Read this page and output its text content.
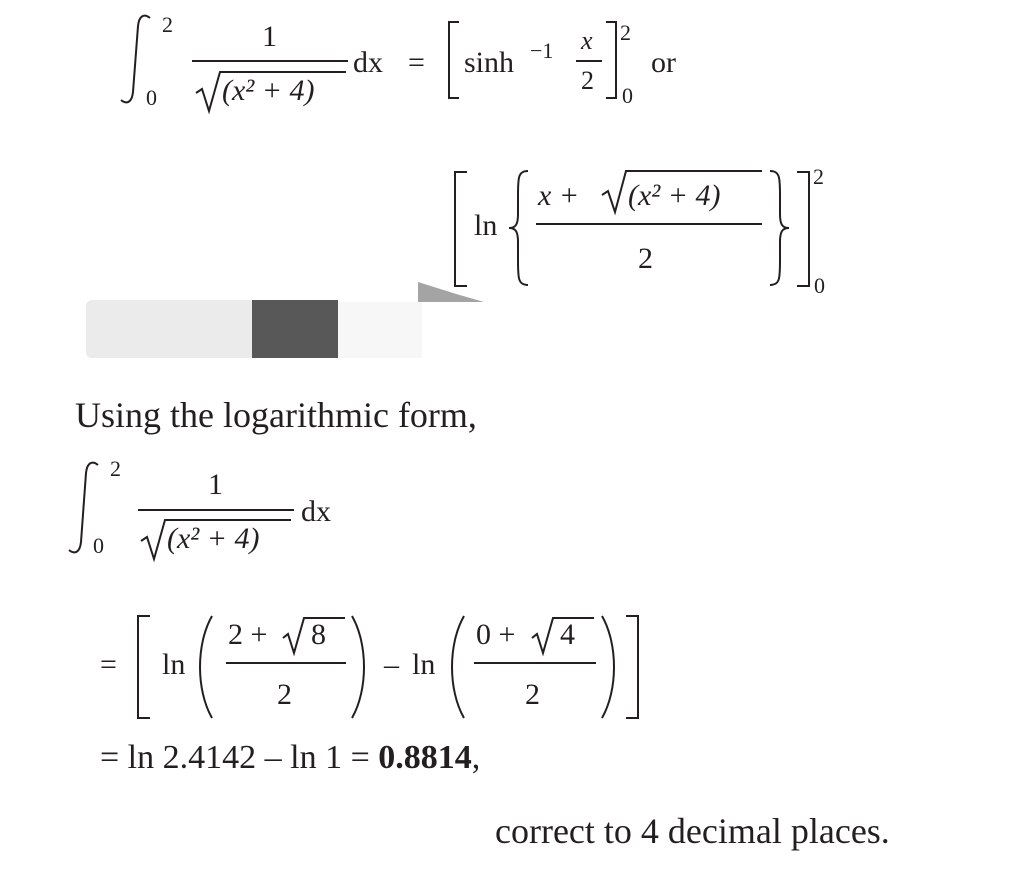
2
0
1
(x² + 4)
dx = sinh −1 x
2
2
0
or
ln
x + (x² + 4)
2
2
0
Using the logarithmic form,
2
0
1
(x² + 4)
dx
= ln
2 + 8
2
– ln
0 + 4
2
= ln 2.4142 – ln 1 = 0.8814,
correct to 4 decimal places.
